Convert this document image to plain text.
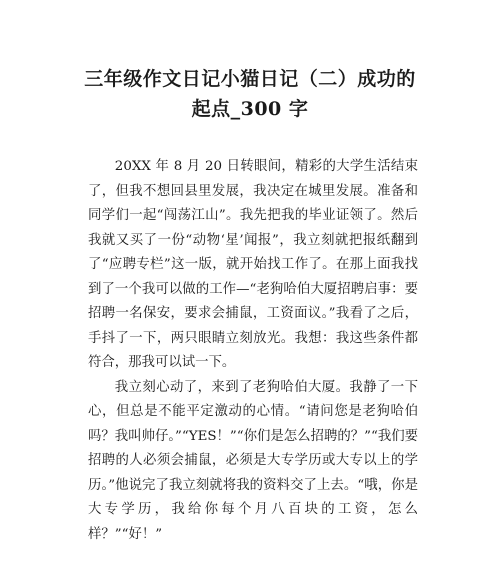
三年级作文日记小猫日记（二）成功的
起点_300 字

20XX 年 8 月 20 日转眼间，精彩的大学生活结束了，但我不想回县里发展，我决定在城里发展。准备和同学们一起“闯荡江山”。我先把我的毕业证领了。然后我就又买了一份“动物‘星’闻报”，我立刻就把报纸翻到了“应聘专栏”这一版，就开始找工作了。在那上面我找到了一个我可以做的工作—“老狗哈伯大厦招聘启事：要招聘一名保安，要求会捕鼠，工资面议。”我看了之后，手抖了一下，两只眼睛立刻放光。我想：我这些条件都符合，那我可以试一下。

我立刻心动了，来到了老狗哈伯大厦。我静了一下心，但总是不能平定激动的心情。“请问您是老狗哈伯吗？我叫帅仔。”“YES！”“你们是怎么招聘的？”“我们要招聘的人必须会捕鼠，必须是大专学历或大专以上的学历。”他说完了我立刻就将我的资料交了上去。“哦，你是大专学历，我给你每个月八百块的工资，怎么样？”“好！”
